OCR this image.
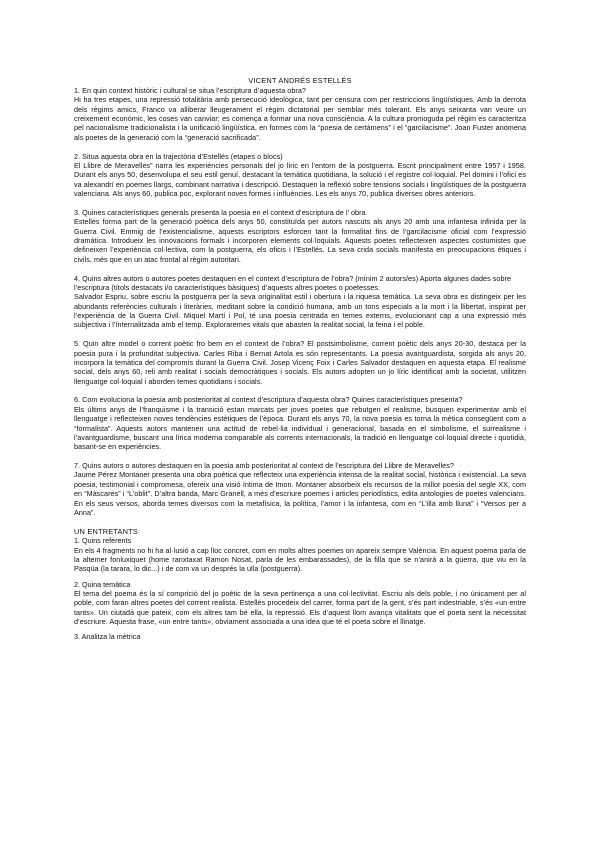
VICENT ANDRÉS ESTELLÉS

1. En quin context històric i cultural se situa l’escriptura d’aquesta obra?

Hi ha tres etapes, una repressió totalitària amb persecució ideològica, tant per censura com per restriccions lingüístiques. Amb la derrota dels règims amics, Franco va alliberar lleugerament el règim dictatorial per semblar més tolerant. Els anys seixanta van veure un creixement econòmic, les coses van canviar; es comença a formar una nova consciència. A la cultura promoguda pel règim es caracteritza pel nacionalisme tradicionalista i la unificació lingüística, en formes com la “poesia de certàmens” i el “garcilacisme”. Joan Fuster anomena als poetes de la generació com la “generació sacrificada”.

2. Situa aquesta obra en la trajectòria d’Estellés (etapes o blocs)

El Llibre de Meravelles” narra les experiències personals del jo líric en l’entorn de la postguerra. Escrit principalment entre 1957 i 1958. Durant els anys 50, desenvolupa el seu estil genuí, destacant la temàtica quotidiana, la solució i el registre col·loquial. Pel domini i l’ofici es va alexandrí en poemes llargs, combinant narrativa i descripció. Destaquen la reflexió sobre tensions socials i lingüístiques de la postguerra valenciana. Als anys 60, publica poc, explorant noves formes i influències. Les els anys 70, publica diverses obres anteriors.

3. Quines característiques generals presenta la poesia en el context d’escriptura de l’ obra

Estellés forma part de la generació poètica dels anys 50, constituïda per autors nascuts als anys 20 amb una infantesa infinida per la Guerra Civil. Emmig de l’existencialisme, aquests escriptors esforcen tant la formalitat fins de l’garcilacisme oficial com l’expressió dramàtica. Introdueix les innovacions formals i incorporen elements col·loquials. Aquests poetes reflecteixen aspectes costumistes que defineixen l’experiència col·lectiva, com la postguerra, els oficis i l’Estellés. La seva crida socials manifesta en preocupacions ètiques i civils, més que en un atac frontal al règim autoritari.

4. Quins altres autors o autores poetes destaquen en el context d’escriptura de l’obra? (mínim 2 autors/es) Aporta algunes dades sobre l’escriptura (títols destacats i/o característiques bàsiques) d’aquests altres poetes o poetesses.

Salvador Espriu, sobre escriu la postguerra per la seva originalitat estil i obertura i la riquesa temàtica. La seva obra es distingeix per les abundants referències culturals i literàries, meditant sobre la condició humana, amb un tons especials a la mort i la llibertat, inspirat per l’experiència de la Guerra Civil. Miquel Martí i Pol, té una poesia centrada en temes externs, evolucionant cap a una expressió més subjectiva i l’ínternalitzada amb el temp. Exploraremes vitals que abasten la realitat social, la feina i el poble.

5. Quin altre model o corrent poètic fro bem en el context de l’obra? El postsimbolisme, corrent poètic dels anys 20-30, destaca per la poesia pura i la profunditat subjectiva. Carles Riba i Bernat Artola es són representants. La poesia avantguardista, sorgida als anys 20, incorpora la temàtica del compromís durant la Guerra Civil. Josep Vicenç Foix i Carles Salvador destaquen en aquesta etapa. El realisme social, dels anys 60, reli amb realitat i socials democràtiques i socials. Els autors adopten un jo líric identificat amb la societat, utilitzen llenguatge col·loquial i aborden temes quotidians i socials.

6. Com evoluciona la poesia amb posterioritat al context d’escriptura d’aquesta obra? Quines característiques presenta?

Els últims anys de l’franquisme i la transició estan marcats per joves poetes que rebutgen el realisme, busquen experimentar amb el llenguatge i reflecteixen noves tendències estètiques de l’època. Durant els anys 70, la nova poesia es torna la mètica consegüent com a “formalista”. Aquests autors mantenen una actitud de rebel·lia individual i generacional, basada en el simbolisme, el surrealisme i l’avantguardisme, buscant una lírica moderna comparable als corrents internacionals, la tradició en llenguatge col·loquial directe i quotidià, basant-se en experiències.

7. Quins autors o autores destaquen en la poesia amb posterioritat al context de l’escriptura del Llibre de Meravelles?

Jaume Pérez Montaner presenta una obra poètica que reflecteix una experiència intensa de la realitat social, històrica i existencial. La seva poesia, testimonial i compromesa, ofereix una visió íntima de Imon. Montaner absorbeix els recursos de la millor poesia del segle XX, com en “Màscares” i “L’oblit”. D’altra banda, Marc Granell, a més d’escriure poemes i articles periodístics, edita antologies de poetes valencians. En els seus versos, aborda temes diversos com la metafísica, la política, l’amor i la infantesa, com en “L’illa amb lluna” i “Versos per a Anna”.

UN ENTRETANTS

1. Quins referents

En els 4 fragments no hi ha al·lusió a cap lloc concret, com en molts altres poemes on apareix sempre València. En aquest poema parla de la altemer fonluxiquet (home ranxtaxat Ramon Nosat, parla de les embarassades), de la filla que se n’anirà a la guerra, que viu en la Pasqüa (la tarara, lo dic...) i de com va un després la ulla (postguerra).

2. Quina temàtica

El tema del poema és la sí comprició del jo poètic de la seva pertinença a una col·lectivitat. Escriu als dels poble, i no únicament per al poble, com faran altres poetes del corrent realista. Estellés procedeix del carrer, forma part de la gent, s’és part indestriable, s’és «un entre tants». Un ciutadà que pateix, com els altres tam bé ella, la repressió. Els d’aquest llom avança vitalitats que el poeta sent la necessitat d’escriure. Aquesta frase, «un entre tants», obviament associada a una idea que té el poeta sobre el llinatge.

3. Analitza la mètrica
